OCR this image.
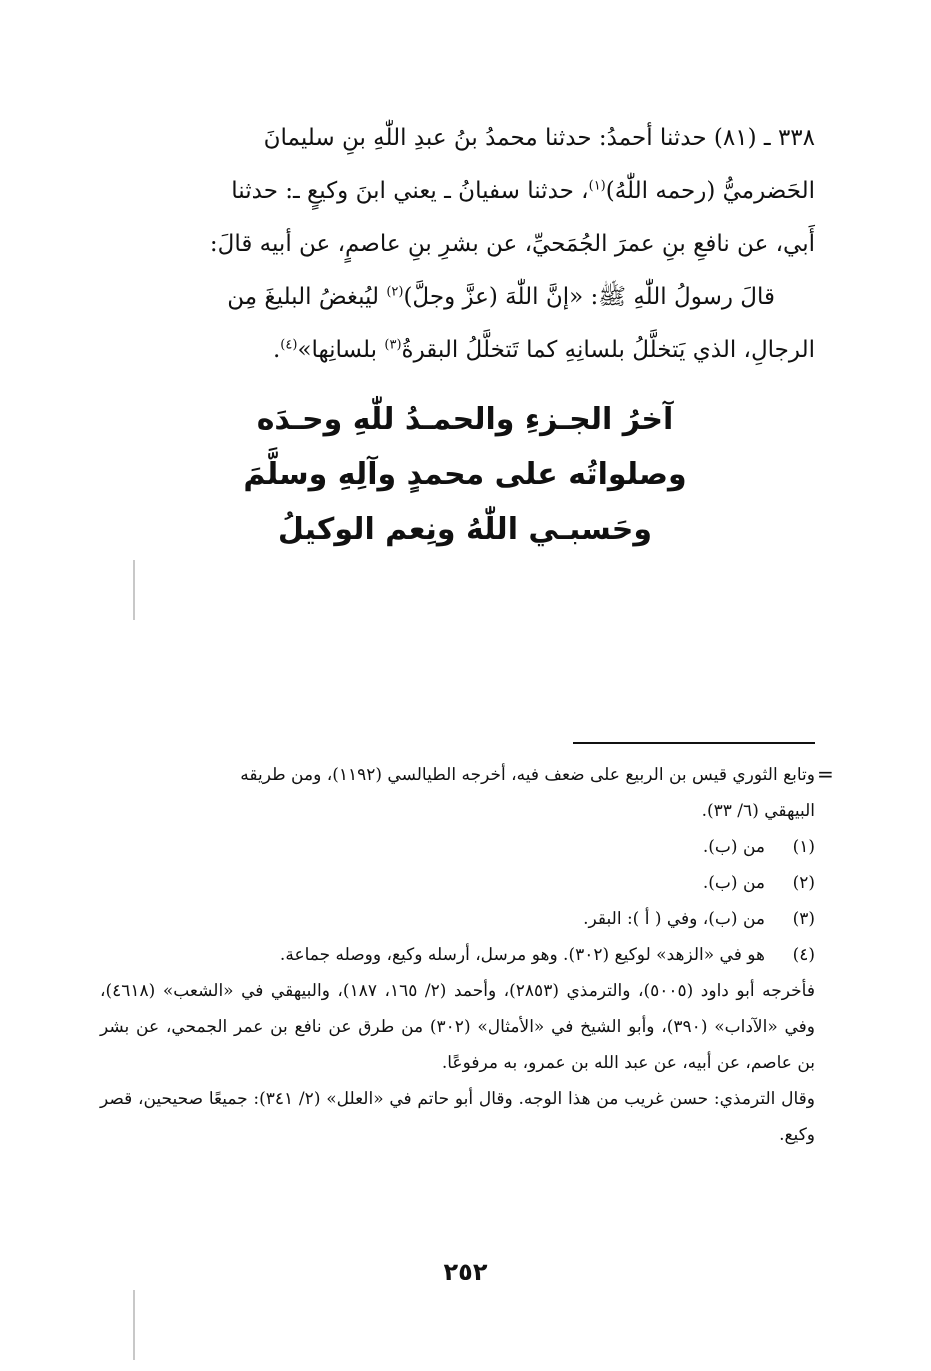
٣٣٨ ـ (٨١) حدثنا أحمدُ: حدثنا محمدُ بنُ عبدِ اللّٰهِ بنِ سليمانَ

الحَضرميُّ (رحمه اللّٰهُ)$^{(١)}$، حدثنا سفيانُ ـ يعني ابنَ وكيعٍ ـ: حدثنا

أَبي، عن نافعِ بنِ عمرَ الجُمَحيِّ، عن بشرِ بنِ عاصمٍ، عن أبيه قالَ:

قالَ رسولُ اللّٰهِ ﷺ: «إنَّ اللّٰهَ (عزَّ وجلَّ)$^{(٢)}$ ليُبغضُ البليغَ مِن

الرجالِ، الذي يَتخلَّلُ بلسانِهِ كما تَتخلَّلُ البقرةُ$^{(٣)}$ بلسانِها»$^{(٤)}$.

آخرُ الجـزءِ والحمـدُ للّٰهِ وحـدَه
وصلواتُه على محمدٍ وآلِهِ وسلَّمَ
وحَسبـي اللّٰهُ ونِعم الوكيلُ
=

وتابع الثوري قيس بن الربيع على ضعف فيه، أخرجه الطيالسي (١١٩٢)، ومن طريقه
البيهقي (٦/ ٣٣).

(١)
من (ب).
(٢)
من (ب).
(٣)
من (ب)، وفي ( أ ): البقر.
(٤)
هو في «الزهد» لوكيع (٣٠٢). وهو مرسل، أرسله وكيع، ووصله جماعة.

فأخرجه أبو داود (٥٠٠٥)، والترمذي (٢٨٥٣)، وأحمد (٢/ ١٦٥، ١٨٧)، والبيهقي في «الشعب» (٤٦١٨)، وفي «الآداب» (٣٩٠)، وأبو الشيخ في «الأمثال» (٣٠٢) من طرق عن نافع بن عمر الجمحي، عن بشر بن عاصم، عن أبيه، عن عبد الله بن عمرو، به مرفوعًا.

وقال الترمذي: حسن غريب من هذا الوجه. وقال أبو حاتم في «العلل» (٢/ ٣٤١): جميعًا صحيحين، قصر وكيع.

٢٥٢
